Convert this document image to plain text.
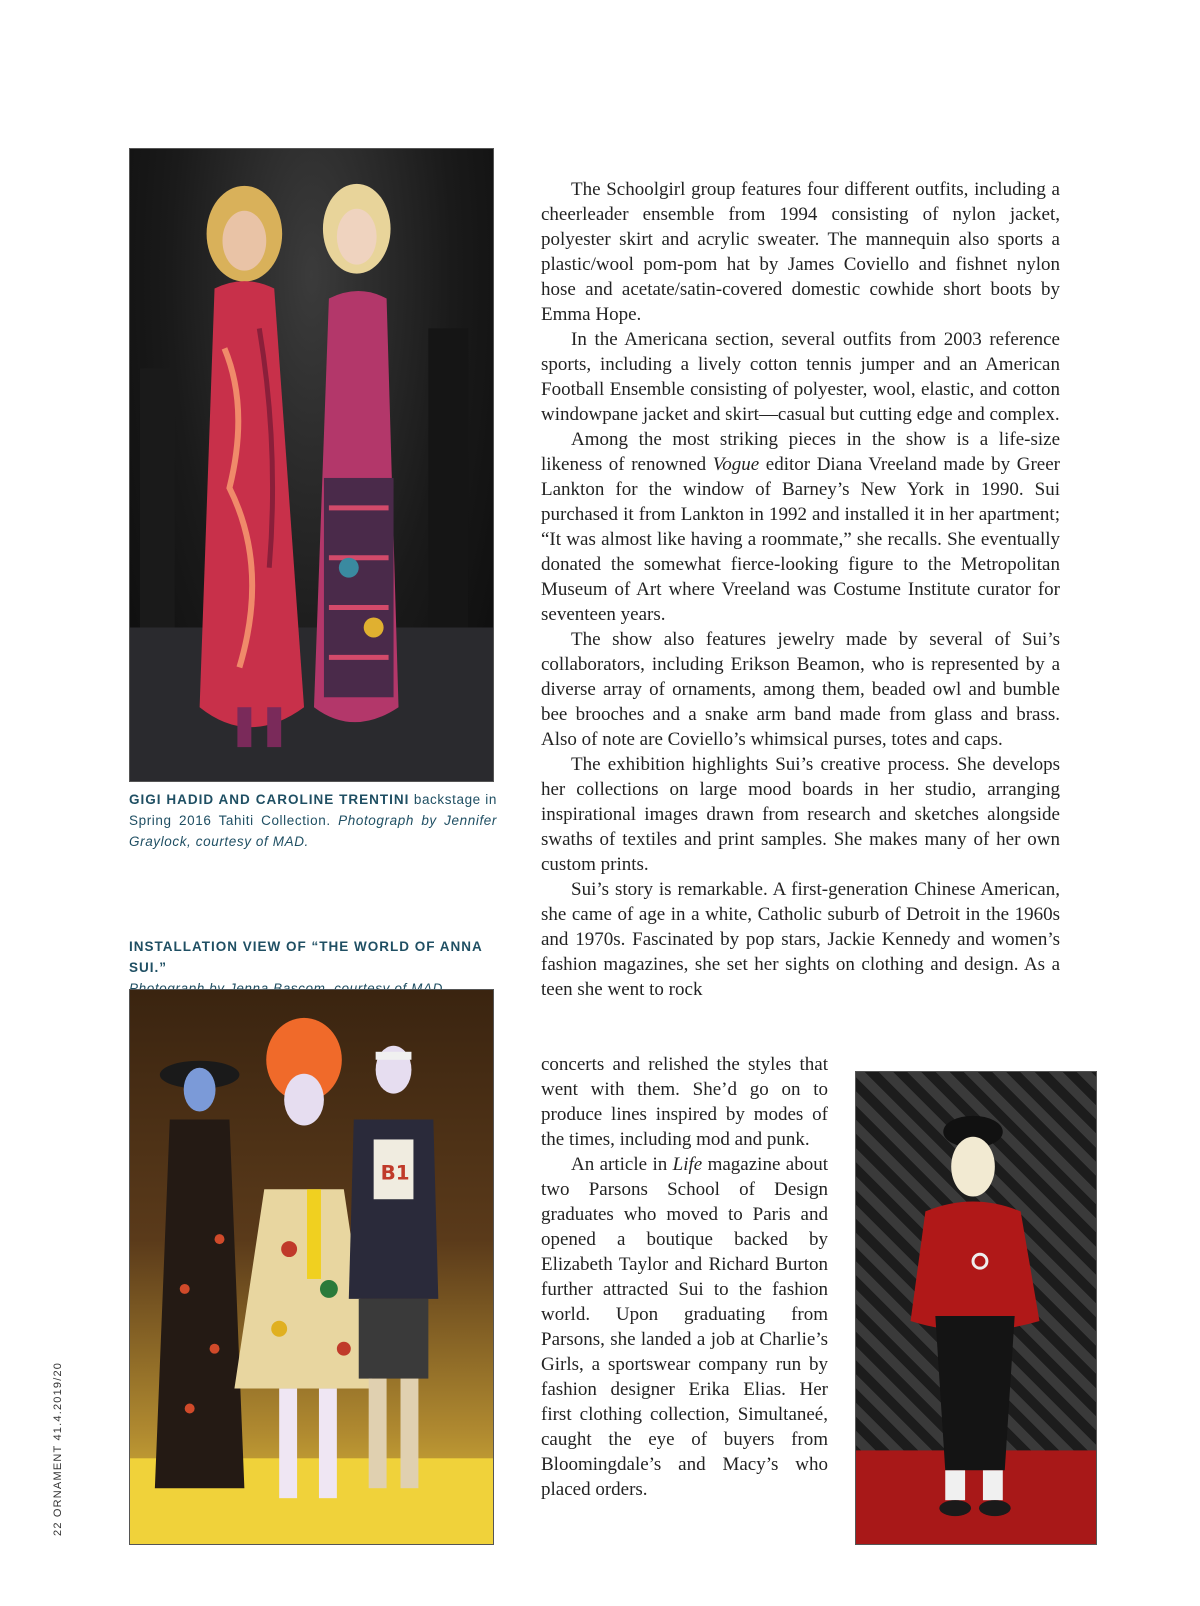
GIGI HADID AND CAROLINE TRENTINI backstage in Spring 2016 Tahiti Collection. Photograph by Jennifer Graylock, courtesy of MAD.
INSTALLATION VIEW OF “THE WORLD OF ANNA SUI.”
B1

The Schoolgirl group features four different outfits, including a cheerleader ensemble from 1994 consisting of nylon jacket, polyester skirt and acrylic sweater. The mannequin also sports a plastic/wool pom-pom hat by James Coviello and fishnet nylon hose and acetate/satin-covered domestic cowhide short boots by Emma Hope.

In the Americana section, several outfits from 2003 reference sports, including a lively cotton tennis jumper and an American Football Ensemble consisting of polyester, wool, elastic, and cotton windowpane jacket and skirt—casual but cutting edge and complex.

Among the most striking pieces in the show is a life-size likeness of renowned Vogue editor Diana Vreeland made by Greer Lankton for the window of Barney’s New York in 1990. Sui purchased it from Lankton in 1992 and installed it in her apartment; “It was almost like having a roommate,” she recalls. She eventually donated the somewhat fierce-looking figure to the Metropolitan Museum of Art where Vreeland was Costume Institute curator for seventeen years.

The show also features jewelry made by several of Sui’s collaborators, including Erikson Beamon, who is represented by a diverse array of ornaments, among them, beaded owl and bumble bee brooches and a snake arm band made from glass and brass. Also of note are Coviello’s whimsical purses, totes and caps.

The exhibition highlights Sui’s creative process. She develops her collections on large mood boards in her studio, arranging inspirational images drawn from research and sketches alongside swaths of textiles and print samples. She makes many of her own custom prints.

Sui’s story is remarkable. A first-generation Chinese American, she came of age in a white, Catholic suburb of Detroit in the 1960s and 1970s. Fascinated by pop stars, Jackie Kennedy and women’s fashion magazines, she set her sights on clothing and design. As a teen she went to rock

concerts and relished the styles that went with them. She’d go on to produce lines inspired by modes of the times, including mod and punk.

An article in Life magazine about two Parsons School of Design graduates who moved to Paris and opened a boutique backed by Elizabeth Taylor and Richard Burton further attracted Sui to the fashion world. Upon graduating from Parsons, she landed a job at Charlie’s Girls, a sportswear company run by fashion designer Erika Elias. Her first clothing collection, Simultaneé, caught the eye of buyers from Bloomingdale’s and Macy’s who placed orders.

22 ORNAMENT 41.4.2019/20
